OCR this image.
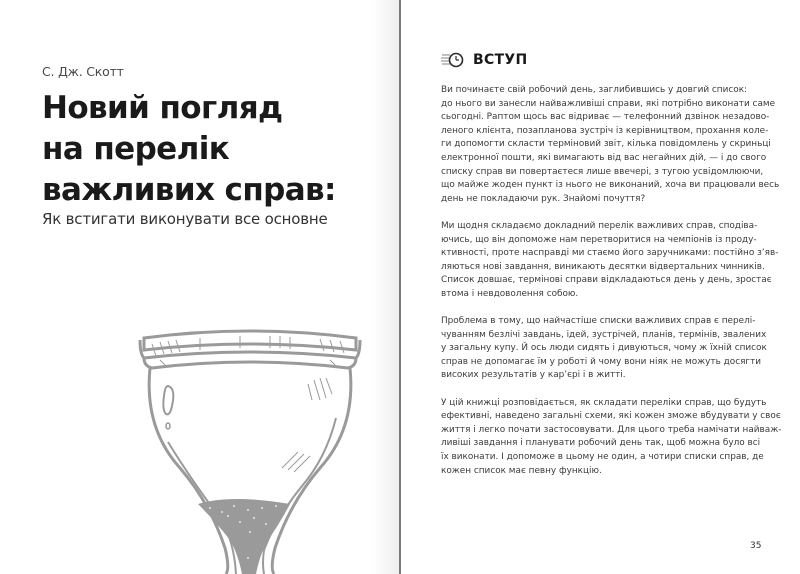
С. Дж. Скотт
Новий погляд
на перелік
важливих справ:
Як встигати виконувати все основне
ВСТУП

Ви починаєте свій робочий день, заглибившись у довгий список:
до нього ви занесли найважливіші справи, які потрібно виконати саме
сьогодні. Раптом щось вас відриває — телефонний дзвінок незадово-
леного клієнта, позапланова зустріч із керівництвом, прохання коле-
ги допомогти скласти терміновий звіт, кілька повідомлень у скриньці
електронної пошти, які вимагають від вас негайних дій, — і до свого
списку справ ви повертаєтеся лише ввечері, з тугою усвідомлюючи,
що майже жоден пункт із нього не виконаний, хоча ви працювали весь
день не покладаючи рук. Знайомі почуття?

Ми щодня складаємо докладний перелік важливих справ, сподіва-
ючись, що він допоможе нам перетворитися на чемпіонів із проду-
ктивності, проте насправді ми стаємо його заручниками: постійно з’яв-
ляються нові завдання, виникають десятки відвертальних чинників.
Список довшає, термінові справи відкладаються день у день, зростає
втома і невдоволення собою.

Проблема в тому, що найчастіше списки важливих справ є перелі-
чуванням безлічі завдань, ідей, зустрічей, планів, термінів, звалених
у загальну купу. Й ось люди сидять і дивуються, чому ж їхній список
справ не допомагає їм у роботі й чому вони ніяк не можуть досягти
високих результатів у кар’єрі і в житті.

У цій книжці розповідається, як складати переліки справ, що будуть
ефективні, наведено загальні схеми, які кожен зможе вбудувати у своє
життя і легко почати застосовувати. Для цього треба намічати найваж-
ливіші завдання і планувати робочий день так, щоб можна було всі
їх виконати. І допоможе в цьому не один, а чотири списки справ, де
кожен список має певну функцію.

35
